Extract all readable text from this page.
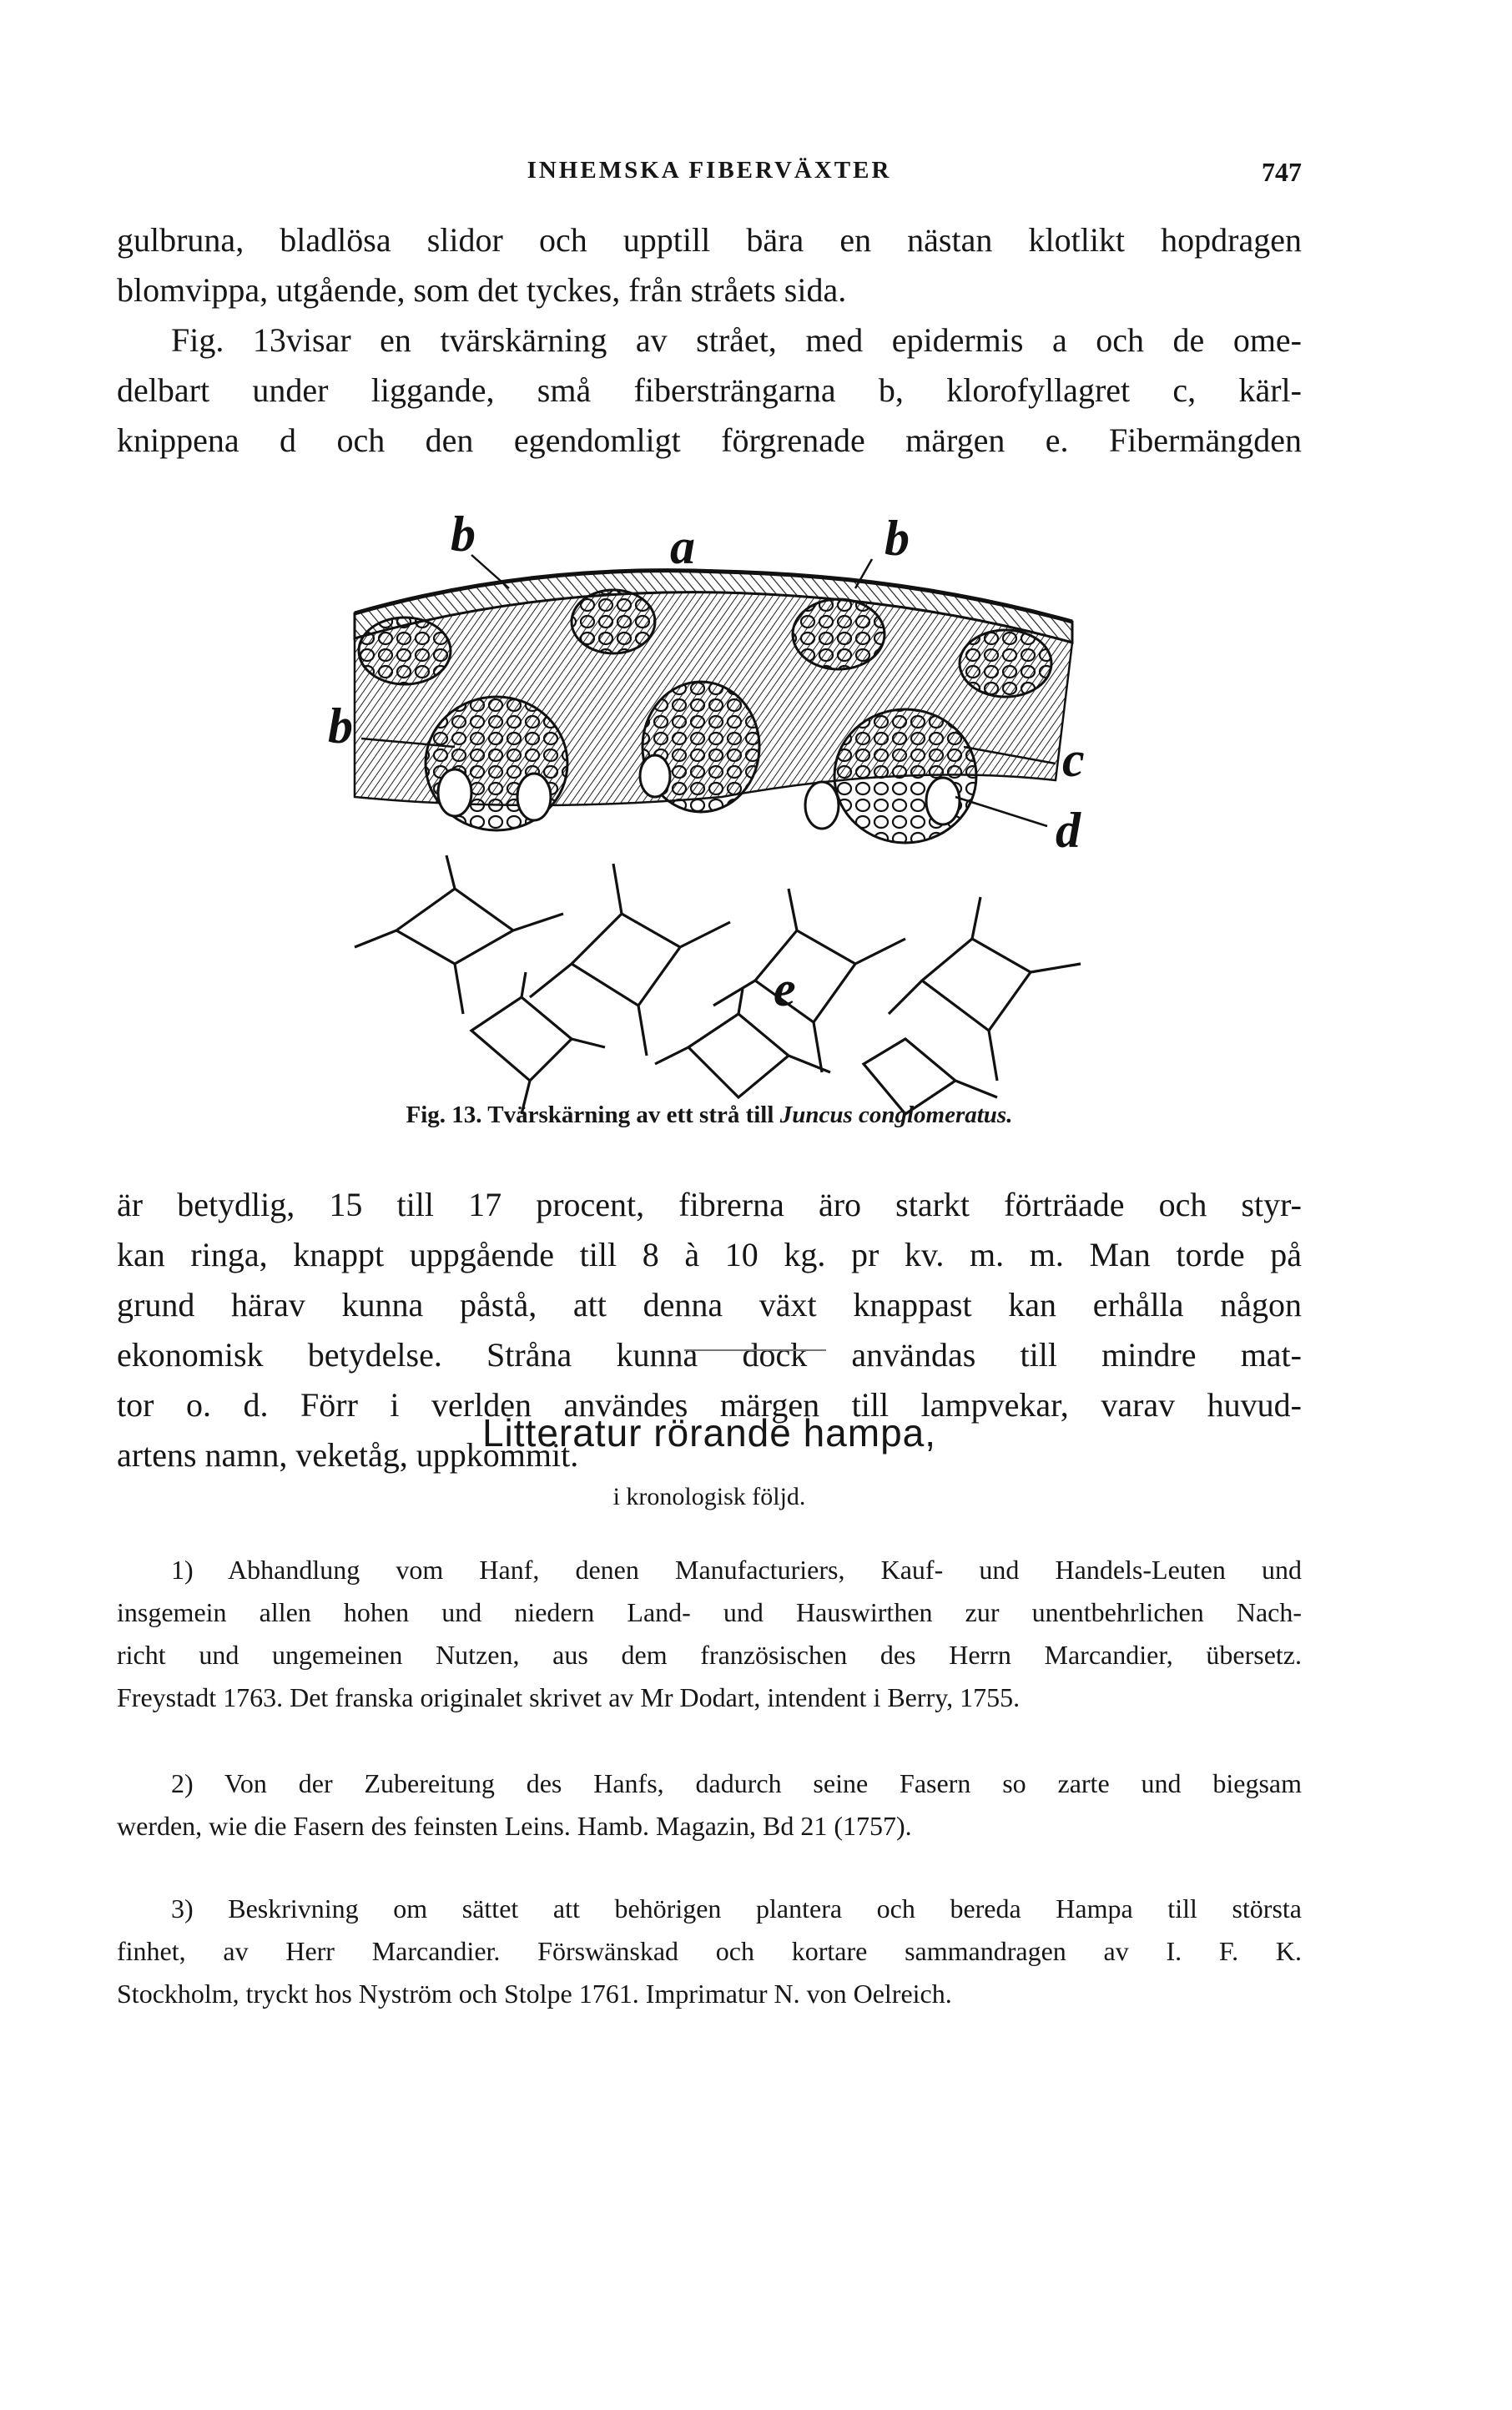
INHEMSKA FIBERVÄXTER	747

gulbruna, bladlösa slidor och upptill bära en nästan klotlikt hopdragen
blomvippa, utgående, som det tyckes, från stråets sida.
Fig. 13visar en tvärskärning av strået, med epidermis a och de ome-
delbart under liggande, små fibersträngarna b, klorofyllagret c, kärl-
knippena d och den egendomligt förgrenade märgen e. Fibermängden

b	a	b
b
c
d
e
Fig. 13. Tvärskärning av ett strå till Juncus conglomeratus.

är betydlig, 15 till 17 procent, fibrerna äro starkt förträade och styr-
kan ringa, knappt uppgående till 8 à 10 kg. pr kv. m. m. Man torde på
grund härav kunna påstå, att denna växt knappast kan erhålla någon
ekonomisk betydelse. Stråna kunna dock användas till mindre mat-
tor o. d. Förr i verlden användes märgen till lampvekar, varav huvud-
artens namn, veketåg, uppkommit.

Litteratur rörande hampa,
i kronologisk följd.

1) Abhandlung vom Hanf, denen Manufacturiers, Kauf- und Handels-Leuten und
insgemein allen hohen und niedern Land- und Hauswirthen zur unentbehrlichen Nach-
richt und ungemeinen Nutzen, aus dem französischen des Herrn Marcandier, übersetz.
Freystadt 1763. Det franska originalet skrivet av Mr Dodart, intendent i Berry, 1755.

2) Von der Zubereitung des Hanfs, dadurch seine Fasern so zarte und biegsam
werden, wie die Fasern des feinsten Leins. Hamb. Magazin, Bd 21 (1757).

3) Beskrivning om sättet att behörigen plantera och bereda Hampa till största
finhet, av Herr Marcandier. Förswänskad och kortare sammandragen av I. F. K.
Stockholm, tryckt hos Nyström och Stolpe 1761. Imprimatur N. von Oelreich.
